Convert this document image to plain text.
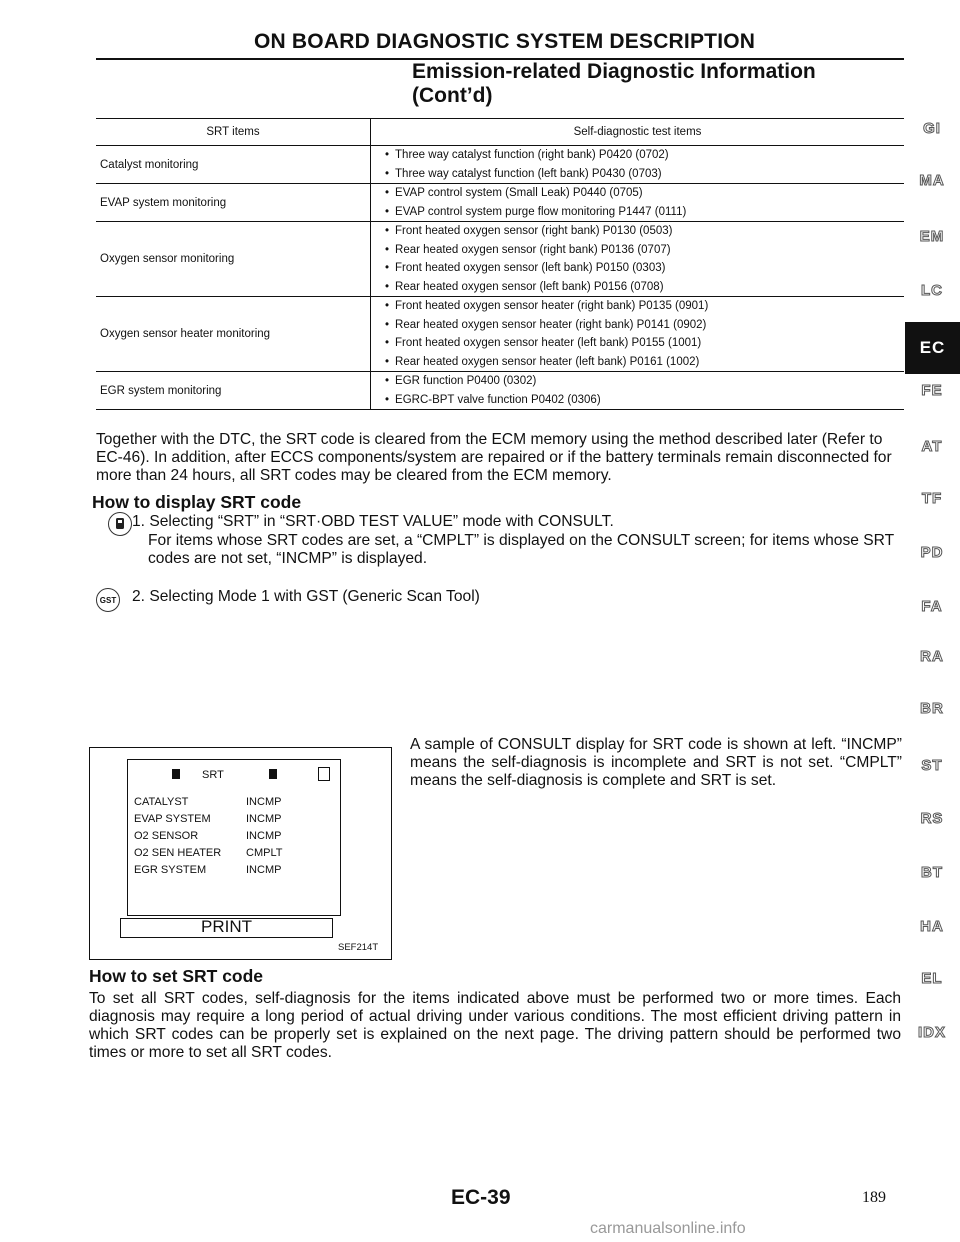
ON BOARD DIAGNOSTIC SYSTEM DESCRIPTION
Emission-related Diagnostic Information
(Cont’d)
SRT items	Self-diagnostic test items
Catalyst monitoring	• Three way catalyst function (right bank) P0420 (0702)
• Three way catalyst function (left bank) P0430 (0703)

EVAP system monitoring	• EVAP control system (Small Leak) P0440 (0705)
• EVAP control system purge flow monitoring P1447 (0111)

Oxygen sensor monitoring	• Front heated oxygen sensor (right bank) P0130 (0503)
• Rear heated oxygen sensor (right bank) P0136 (0707)
• Front heated oxygen sensor (left bank) P0150 (0303)
• Rear heated oxygen sensor (left bank) P0156 (0708)

Oxygen sensor heater monitoring	• Front heated oxygen sensor heater (right bank) P0135 (0901)
• Rear heated oxygen sensor heater (right bank) P0141 (0902)
• Front heated oxygen sensor heater (left bank) P0155 (1001)
• Rear heated oxygen sensor heater (left bank) P0161 (1002)

EGR system monitoring	• EGR function P0400 (0302)
• EGRC-BPT valve function P0402 (0306)
GI
MA
EM
LC
EC
FE
AT
TF
PD
FA
RA
BR
ST
RS
BT
HA
EL
IDX
Together with the DTC, the SRT code is cleared from the ECM memory using the method described later (Refer to EC-46). In addition, after ECCS components/system are repaired or if the battery terminals remain disconnected for more than 24 hours, all SRT codes may be cleared from the ECM memory.
How to display SRT code
1. Selecting “SRT” in “SRT·OBD TEST VALUE” mode with CONSULT.
For items whose SRT codes are set, a “CMPLT” is displayed on the CONSULT screen; for items whose SRT codes are not set, “INCMP” is displayed.
GST 2. Selecting Mode 1 with GST (Generic Scan Tool)
SRT
CATALYST	INCMP
EVAP SYSTEM	INCMP
O2 SENSOR	INCMP
O2 SEN HEATER CMPLT
EGR SYSTEM	INCMP
PRINT
SEF214T
A sample of CONSULT display for SRT code is shown at left. “INCMP” means the self-diagnosis is incomplete and SRT is not set. “CMPLT” means the self-diagnosis is complete and SRT is set.
How to set SRT code
To set all SRT codes, self-diagnosis for the items indicated above must be performed two or more times. Each diagnosis may require a long period of actual driving under various conditions. The most efficient driving pattern in which SRT codes can be properly set is explained on the next page. The driving pattern should be performed two times or more to set all SRT codes.
EC-39	189
carmanualsonline.info
